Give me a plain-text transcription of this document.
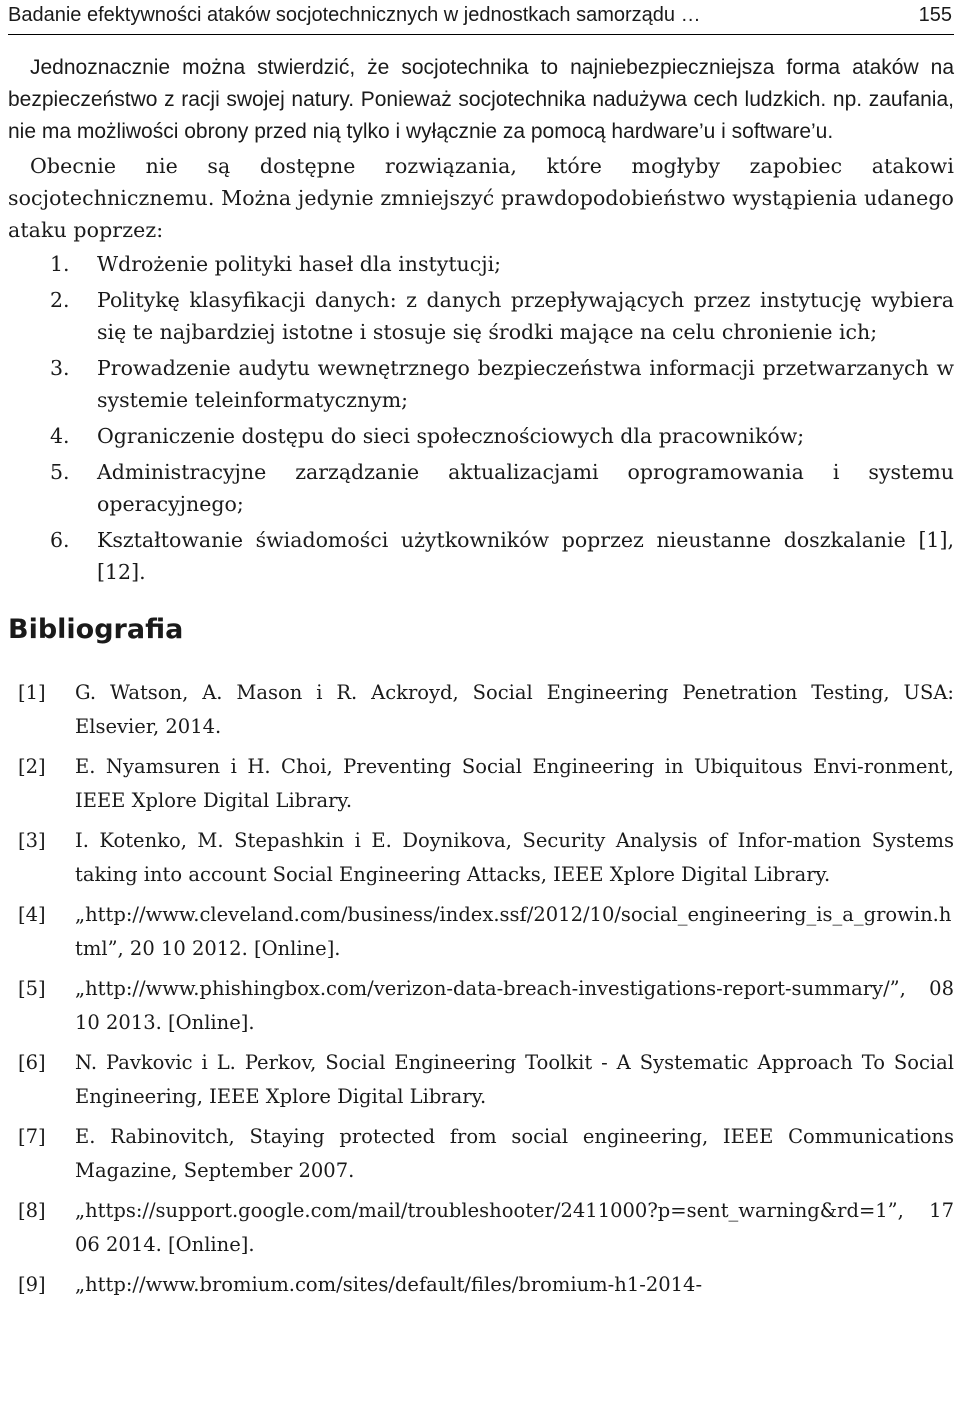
Badanie efektywności ataków socjotechnicznych w jednostkach samorządu …	155

Jednoznacznie można stwierdzić, że socjotechnika to najniebezpieczniejsza forma ataków na bezpieczeństwo z racji swojej natury. Ponieważ socjotechnika nadużywa cech ludzkich. np. zaufania, nie ma możliwości obrony przed nią tylko i wyłącznie za pomocą hardware’u i software’u.

Obecnie nie są dostępne rozwiązania, które mogłyby zapobiec atakowi socjotechnicznemu. Można jedynie zmniejszyć prawdopodobieństwo wystąpienia udanego ataku poprzez:

1. Wdrożenie polityki haseł dla instytucji;
2. Politykę klasyfikacji danych: z danych przepływających przez instytucję wybiera się te najbardziej istotne i stosuje się środki mające na celu chronienie ich;
3. Prowadzenie audytu wewnętrznego bezpieczeństwa informacji przetwarzanych w systemie teleinformatycznym;
4. Ograniczenie dostępu do sieci społecznościowych dla pracowników;
5. Administracyjne zarządzanie aktualizacjami oprogramowania i systemu operacyjnego;
6. Kształtowanie świadomości użytkowników poprzez nieustanne doszkalanie [1], [12].
Bibliografia
[1] G. Watson, A. Mason i R. Ackroyd, Social Engineering Penetration Testing, USA: Elsevier, 2014.
[2] E. Nyamsuren i H. Choi, Preventing Social Engineering in Ubiquitous Envi-ronment, IEEE Xplore Digital Library.
[3] I. Kotenko, M. Stepashkin i E. Doynikova, Security Analysis of Infor-mation Systems taking into account Social Engineering Attacks, IEEE Xplore Digital Library.
[4] „http://www.cleveland.com/business/index.ssf/2012/10/social_engineering_is_a_growin.html”, 20 10 2012. [Online].
[5] „http://www.phishingbox.com/verizon-data-breach-investigations-report-summary/”, 08 10 2013. [Online].
[6] N. Pavkovic i L. Perkov, Social Engineering Toolkit - A Systematic Approach To Social Engineering, IEEE Xplore Digital Library.
[7] E. Rabinovitch, Staying protected from social engineering, IEEE Communications Magazine, September 2007.
[8] „https://support.google.com/mail/troubleshooter/2411000?p=sent_warning&rd=1”, 17 06 2014. [Online].
[9] „http://www.bromium.com/sites/default/files/bromium-h1-2014-
